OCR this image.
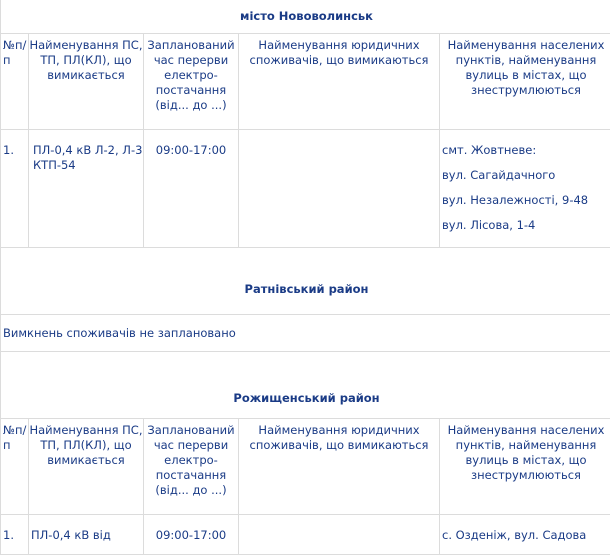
місто Нововолинськ				
№п/п	Найменування ПС, ТП, ПЛ(КЛ), що вимикається	Запланований час перерви електро-постачання (від... до ...)	Найменування юридичних споживачів, що вимикаються	Найменування населених пунктів, найменування вулиць в містах, що знеструмлюються
1.	ПЛ-0,4 кВ Л-2, Л-3 КТП-54	09:00-17:00		смт. Жовтневе:

вул. Сагайдачного

вул. Незалежності, 9-48

вул. Лісова, 1-4

Ратнівський район				
Вимкнень споживачів не заплановано				
Рожищенський район				
№п/п	Найменування ПС, ТП, ПЛ(КЛ), що вимикається	Запланований час перерви електро-постачання (від... до ...)	Найменування юридичних споживачів, що вимикаються	Найменування населених пунктів, найменування вулиць в містах, що знеструмлюються
1.	ПЛ-0,4 кВ від	09:00-17:00		с. Озденіж, вул. Садова
